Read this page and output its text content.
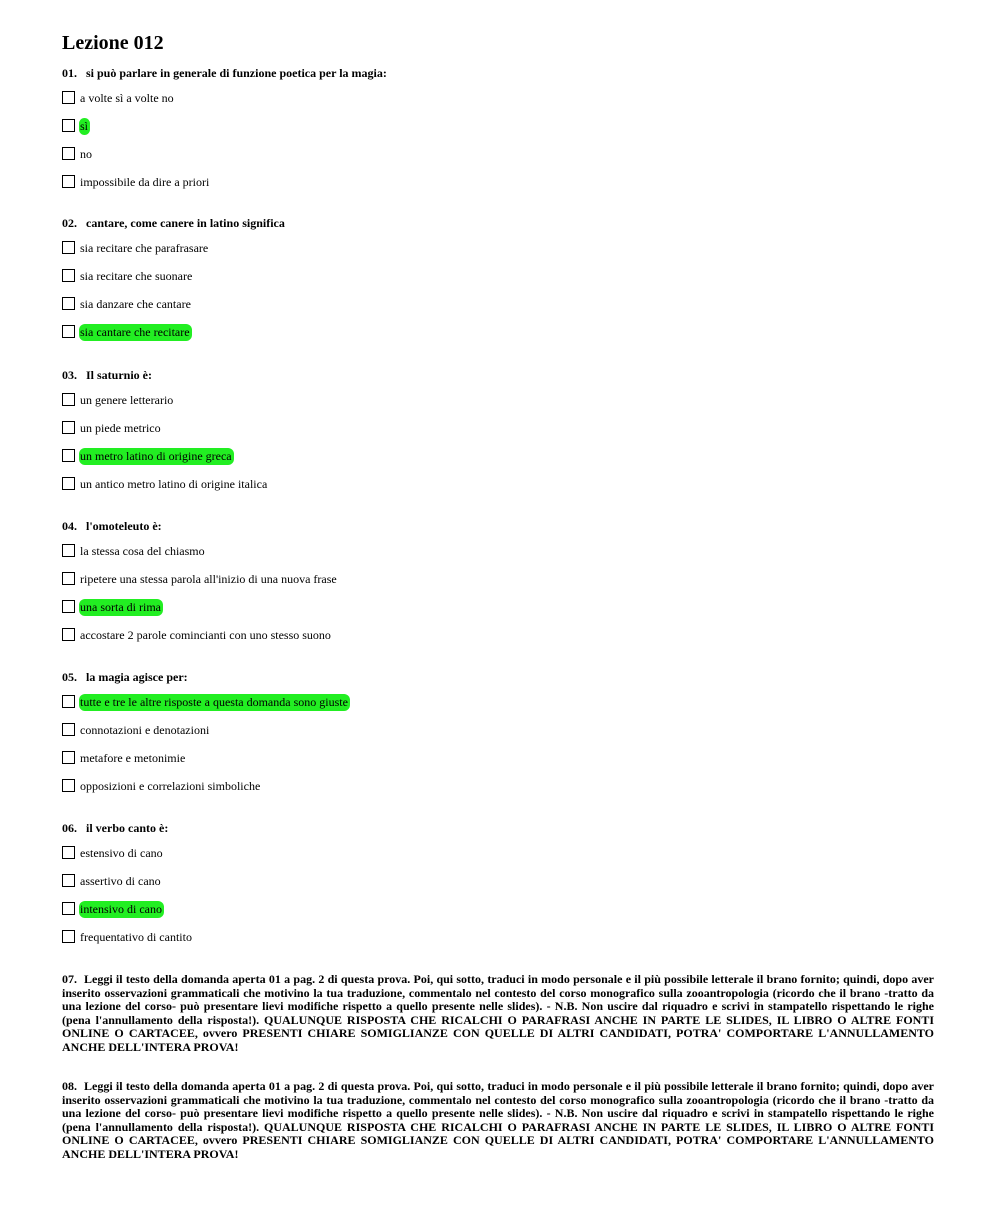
Lezione 012
01. si può parlare in generale di funzione poetica per la magia:
a volte sì a volte no
sì
no
impossibile da dire a priori
02. cantare, come canere in latino significa
sia recitare che parafrasare
sia recitare che suonare
sia danzare che cantare
sia cantare che recitare
03. Il saturnio è:
un genere letterario
un piede metrico
un metro latino di origine greca
un antico metro latino di origine italica
04. l'omoteleuto è:
la stessa cosa del chiasmo
ripetere una stessa parola all'inizio di una nuova frase
una sorta di rima
accostare 2 parole comincianti con uno stesso suono
05. la magia agisce per:
tutte e tre le altre risposte a questa domanda sono giuste
connotazioni e denotazioni
metafore e metonimie
opposizioni e correlazioni simboliche
06. il verbo canto è:
estensivo di cano
assertivo di cano
intensivo di cano
frequentativo di cantito
07. Leggi il testo della domanda aperta 01 a pag. 2 di questa prova. Poi, qui sotto, traduci in modo personale e il più possibile letterale il brano fornito; quindi, dopo aver inserito osservazioni grammaticali che motivino la tua traduzione, commentalo nel contesto del corso monografico sulla zooantropologia (ricordo che il brano -tratto da una lezione del corso- può presentare lievi modifiche rispetto a quello presente nelle slides). - N.B. Non uscire dal riquadro e scrivi in stampatello rispettando le righe (pena l'annullamento della risposta!). QUALUNQUE RISPOSTA CHE RICALCHI O PARAFRASI ANCHE IN PARTE LE SLIDES, IL LIBRO O ALTRE FONTI ONLINE O CARTACEE, ovvero PRESENTI CHIARE SOMIGLIANZE CON QUELLE DI ALTRI CANDIDATI, POTRA' COMPORTARE L'ANNULLAMENTO ANCHE DELL'INTERA PROVA!
08. Leggi il testo della domanda aperta 01 a pag. 2 di questa prova. Poi, qui sotto, traduci in modo personale e il più possibile letterale il brano fornito; quindi, dopo aver inserito osservazioni grammaticali che motivino la tua traduzione, commentalo nel contesto del corso monografico sulla zooantropologia (ricordo che il brano -tratto da una lezione del corso- può presentare lievi modifiche rispetto a quello presente nelle slides). - N.B. Non uscire dal riquadro e scrivi in stampatello rispettando le righe (pena l'annullamento della risposta!). QUALUNQUE RISPOSTA CHE RICALCHI O PARAFRASI ANCHE IN PARTE LE SLIDES, IL LIBRO O ALTRE FONTI ONLINE O CARTACEE, ovvero PRESENTI CHIARE SOMIGLIANZE CON QUELLE DI ALTRI CANDIDATI, POTRA' COMPORTARE L'ANNULLAMENTO ANCHE DELL'INTERA PROVA!
